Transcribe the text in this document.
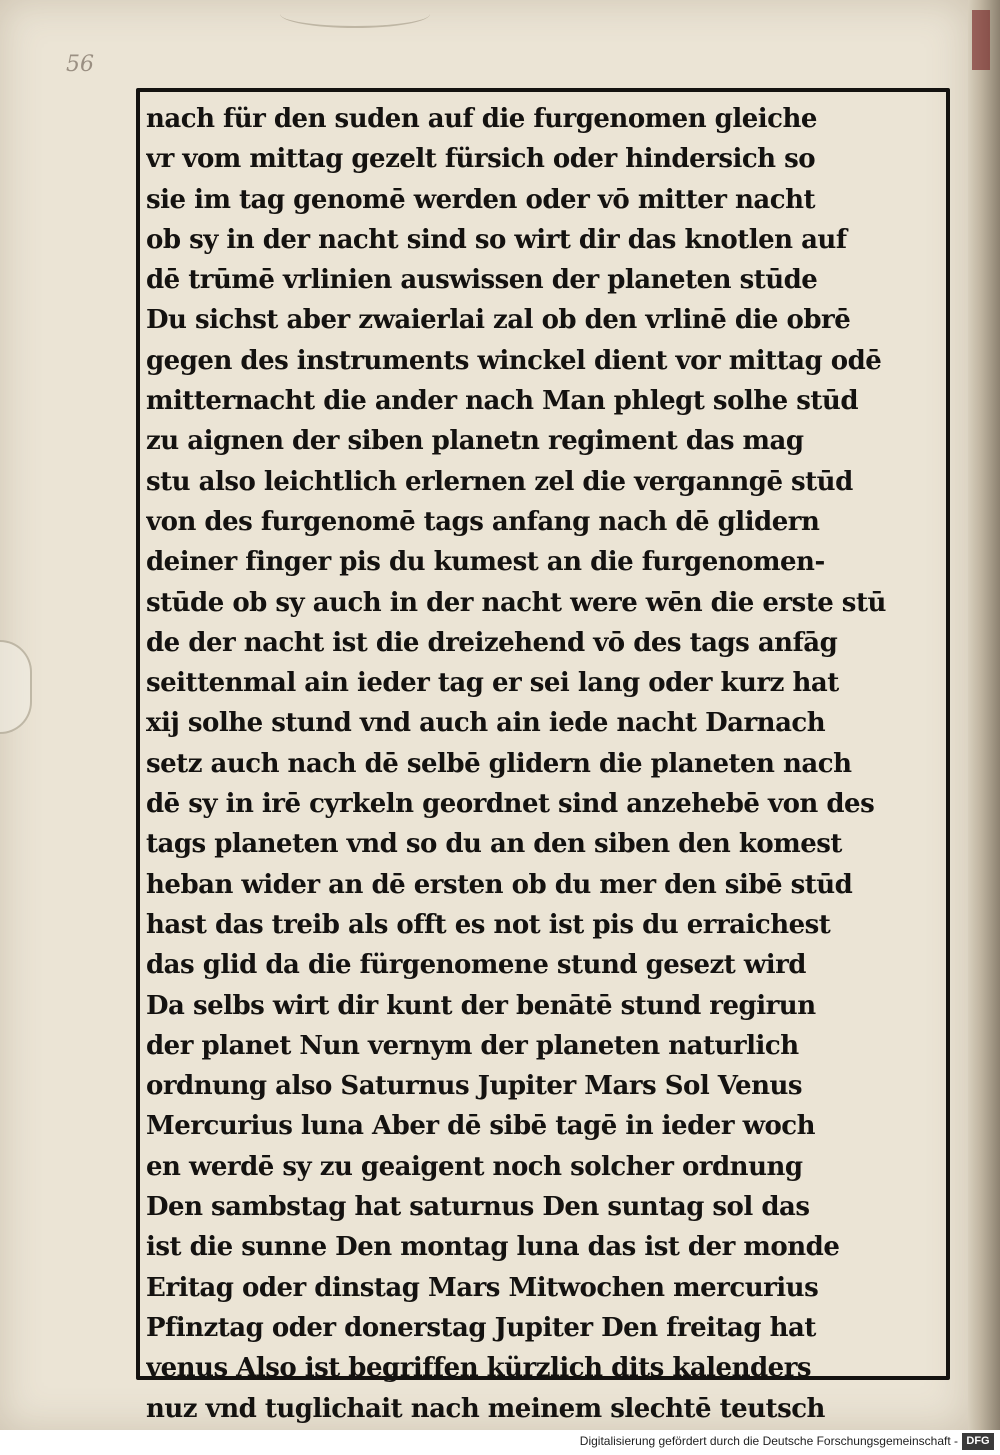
56
nach für den suden auf die furgenomen gleiche
vr vom mittag gezelt fürsich oder hindersich so
sie im tag genomē werden oder vō mitter nacht
ob sy in der nacht sind so wirt dir das knotlen auf
dē trūmē vrlinien auswissen der planeten stūde
Du sichst aber zwaierlai zal ob den vrlinē die obrē
gegen des instruments winckel dient vor mittag odē
mitternacht die ander nach Man phlegt solhe stūd
zu aignen der siben planetn regiment das mag
stu also leichtlich erlernen zel die verganngē stūd
von des furgenomē tags anfang nach dē glidern
deiner finger pis du kumest an die furgenomen-
stūde ob sy auch in der nacht were wēn die erste stū
de der nacht ist die dreizehend vō des tags anfāg
seittenmal ain ieder tag er sei lang oder kurz hat
xij solhe stund vnd auch ain iede nacht Darnach
setz auch nach dē selbē glidern die planeten nach
dē sy in irē cyrkeln geordnet sind anzehebē von des
tags planeten vnd so du an den siben den komest
heban wider an dē ersten ob du mer den sibē stūd
hast das treib als offt es not ist pis du erraichest
das glid da die fürgenomene stund gesezt wird
Da selbs wirt dir kunt der benātē stund regirun
der planet Nun vernym der planeten naturlich
ordnung also Saturnus Jupiter Mars Sol Venus
Mercurius luna Aber dē sibē tagē in ieder woch
en werdē sy zu geaigent noch solcher ordnung
Den sambstag hat saturnus Den suntag sol das
ist die sunne Den montag luna das ist der monde
Eritag oder dinstag Mars Mitwochen mercurius
Pfinztag oder donerstag Jupiter Den freitag hat
venus Also ist begriffen kürzlich dits kalenders
nuz vnd tuglichait nach meinem slechtē teutsch
Digitalisierung gefördert durch die Deutsche Forschungsgemeinschaft - DFG
